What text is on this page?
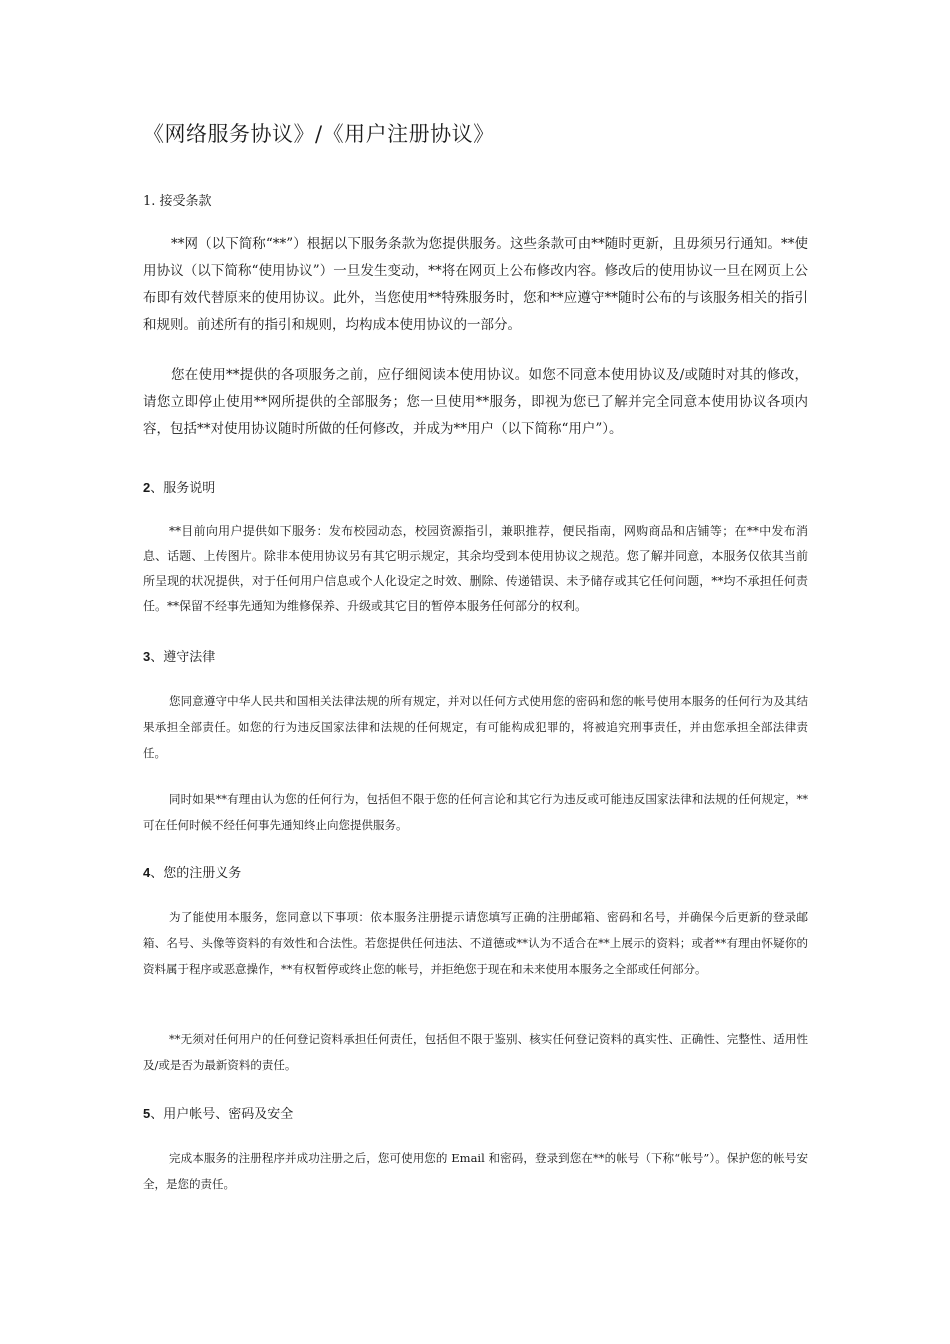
《网络服务协议》/《用户注册协议》
1. 接受条款

**网（以下简称“**”）根据以下服务条款为您提供服务。这些条款可由**随时更新，且毋须另行通知。**使用协议（以下简称“使用协议”）一旦发生变动，**将在网页上公布修改内容。修改后的使用协议一旦在网页上公布即有效代替原来的使用协议。此外，当您使用**特殊服务时，您和**应遵守**随时公布的与该服务相关的指引和规则。前述所有的指引和规则，均构成本使用协议的一部分。

您在使用**提供的各项服务之前，应仔细阅读本使用协议。如您不同意本使用协议及/或随时对其的修改，请您立即停止使用**网所提供的全部服务；您一旦使用**服务，即视为您已了解并完全同意本使用协议各项内容，包括**对使用协议随时所做的任何修改，并成为**用户（以下简称“用户”）。

2、服务说明

**目前向用户提供如下服务：发布校园动态，校园资源指引，兼职推荐，便民指南，网购商品和店铺等；在**中发布消息、话题、上传图片。除非本使用协议另有其它明示规定，其余均受到本使用协议之规范。您了解并同意，本服务仅依其当前所呈现的状况提供，对于任何用户信息或个人化设定之时效、删除、传递错误、未予储存或其它任何问题，**均不承担任何责任。**保留不经事先通知为维修保养、升级或其它目的暂停本服务任何部分的权利。

3、遵守法律

您同意遵守中华人民共和国相关法律法规的所有规定，并对以任何方式使用您的密码和您的帐号使用本服务的任何行为及其结果承担全部责任。如您的行为违反国家法律和法规的任何规定，有可能构成犯罪的，将被追究刑事责任，并由您承担全部法律责任。

同时如果**有理由认为您的任何行为，包括但不限于您的任何言论和其它行为违反或可能违反国家法律和法规的任何规定，**可在任何时候不经任何事先通知终止向您提供服务。

4、您的注册义务

为了能使用本服务，您同意以下事项：依本服务注册提示请您填写正确的注册邮箱、密码和名号，并确保今后更新的登录邮箱、名号、头像等资料的有效性和合法性。若您提供任何违法、不道德或**认为不适合在**上展示的资料；或者**有理由怀疑你的资料属于程序或恶意操作，**有权暂停或终止您的帐号，并拒绝您于现在和未来使用本服务之全部或任何部分。

**无须对任何用户的任何登记资料承担任何责任，包括但不限于鉴别、核实任何登记资料的真实性、正确性、完整性、适用性及/或是否为最新资料的责任。

5、用户帐号、密码及安全

完成本服务的注册程序并成功注册之后，您可使用您的 Email 和密码，登录到您在**的帐号（下称“帐号”）。保护您的帐号安全，是您的责任。
